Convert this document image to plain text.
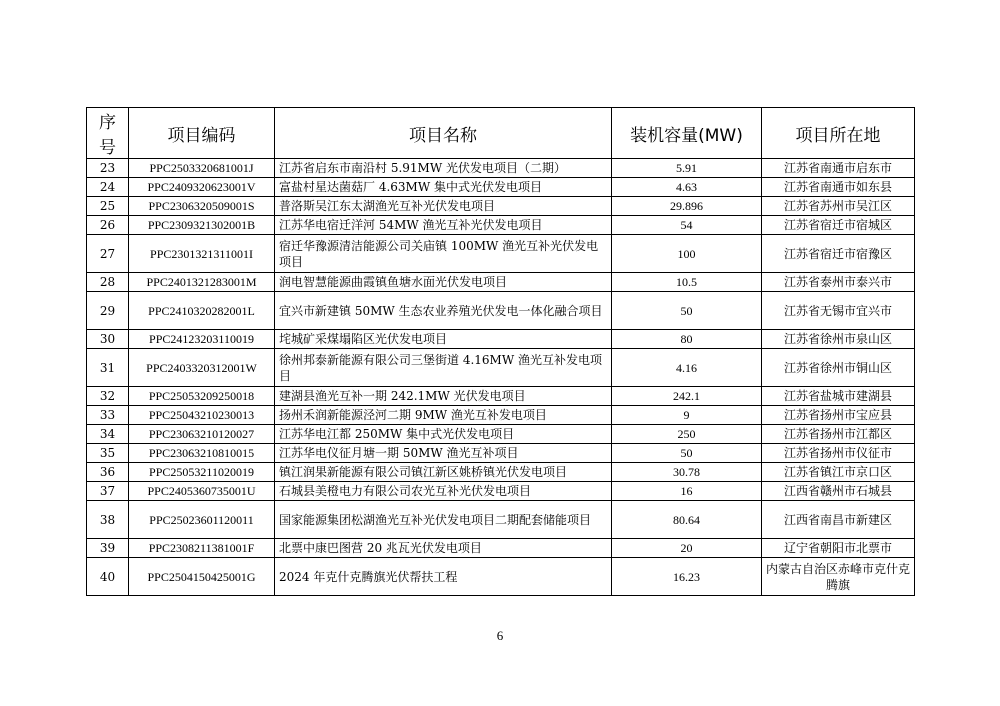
序号	项目编码	项目名称	装机容量(MW)	项目所在地
23	PPC2503320681001J	江苏省启东市南沿村 5.91MW 光伏发电项目（二期）	5.91	江苏省南通市启东市
24	PPC2409320623001V	富盐村星达菌菇厂 4.63MW 集中式光伏发电项目	4.63	江苏省南通市如东县
25	PPC2306320509001S	普洛斯吴江东太湖渔光互补光伏发电项目	29.896	江苏省苏州市吴江区
26	PPC2309321302001B	江苏华电宿迁洋河 54MW 渔光互补光伏发电项目	54	江苏省宿迁市宿城区
27	PPC2301321311001I	宿迁华豫源清洁能源公司关庙镇 100MW 渔光互补光伏发电项目	100	江苏省宿迁市宿豫区
28	PPC2401321283001M	润电智慧能源曲霞镇鱼塘水面光伏发电项目	10.5	江苏省泰州市泰兴市
29	PPC2410320282001L	宜兴市新建镇 50MW 生态农业养殖光伏发电一体化融合项目	50	江苏省无锡市宜兴市
30	PPC24123203110019	垞城矿采煤塌陷区光伏发电项目	80	江苏省徐州市泉山区
31	PPC2403320312001W	徐州邦泰新能源有限公司三堡街道 4.16MW 渔光互补发电项目	4.16	江苏省徐州市铜山区
32	PPC25053209250018	建湖县渔光互补一期 242.1MW 光伏发电项目	242.1	江苏省盐城市建湖县
33	PPC25043210230013	扬州禾润新能源泾河二期 9MW 渔光互补发电项目	9	江苏省扬州市宝应县
34	PPC23063210120027	江苏华电江都 250MW 集中式光伏发电项目	250	江苏省扬州市江都区
35	PPC23063210810015	江苏华电仪征月塘一期 50MW 渔光互补项目	50	江苏省扬州市仪征市
36	PPC25053211020019	镇江润果新能源有限公司镇江新区姚桥镇光伏发电项目	30.78	江苏省镇江市京口区
37	PPC2405360735001U	石城县美橙电力有限公司农光互补光伏发电项目	16	江西省赣州市石城县
38	PPC25023601120011	国家能源集团松湖渔光互补光伏发电项目二期配套储能项目	80.64	江西省南昌市新建区
39	PPC2308211381001F	北票中康巴图营 20 兆瓦光伏发电项目	20	辽宁省朝阳市北票市
40	PPC2504150425001G	2024 年克什克腾旗光伏帮扶工程	16.23	内蒙古自治区赤峰市克什克腾旗
6
